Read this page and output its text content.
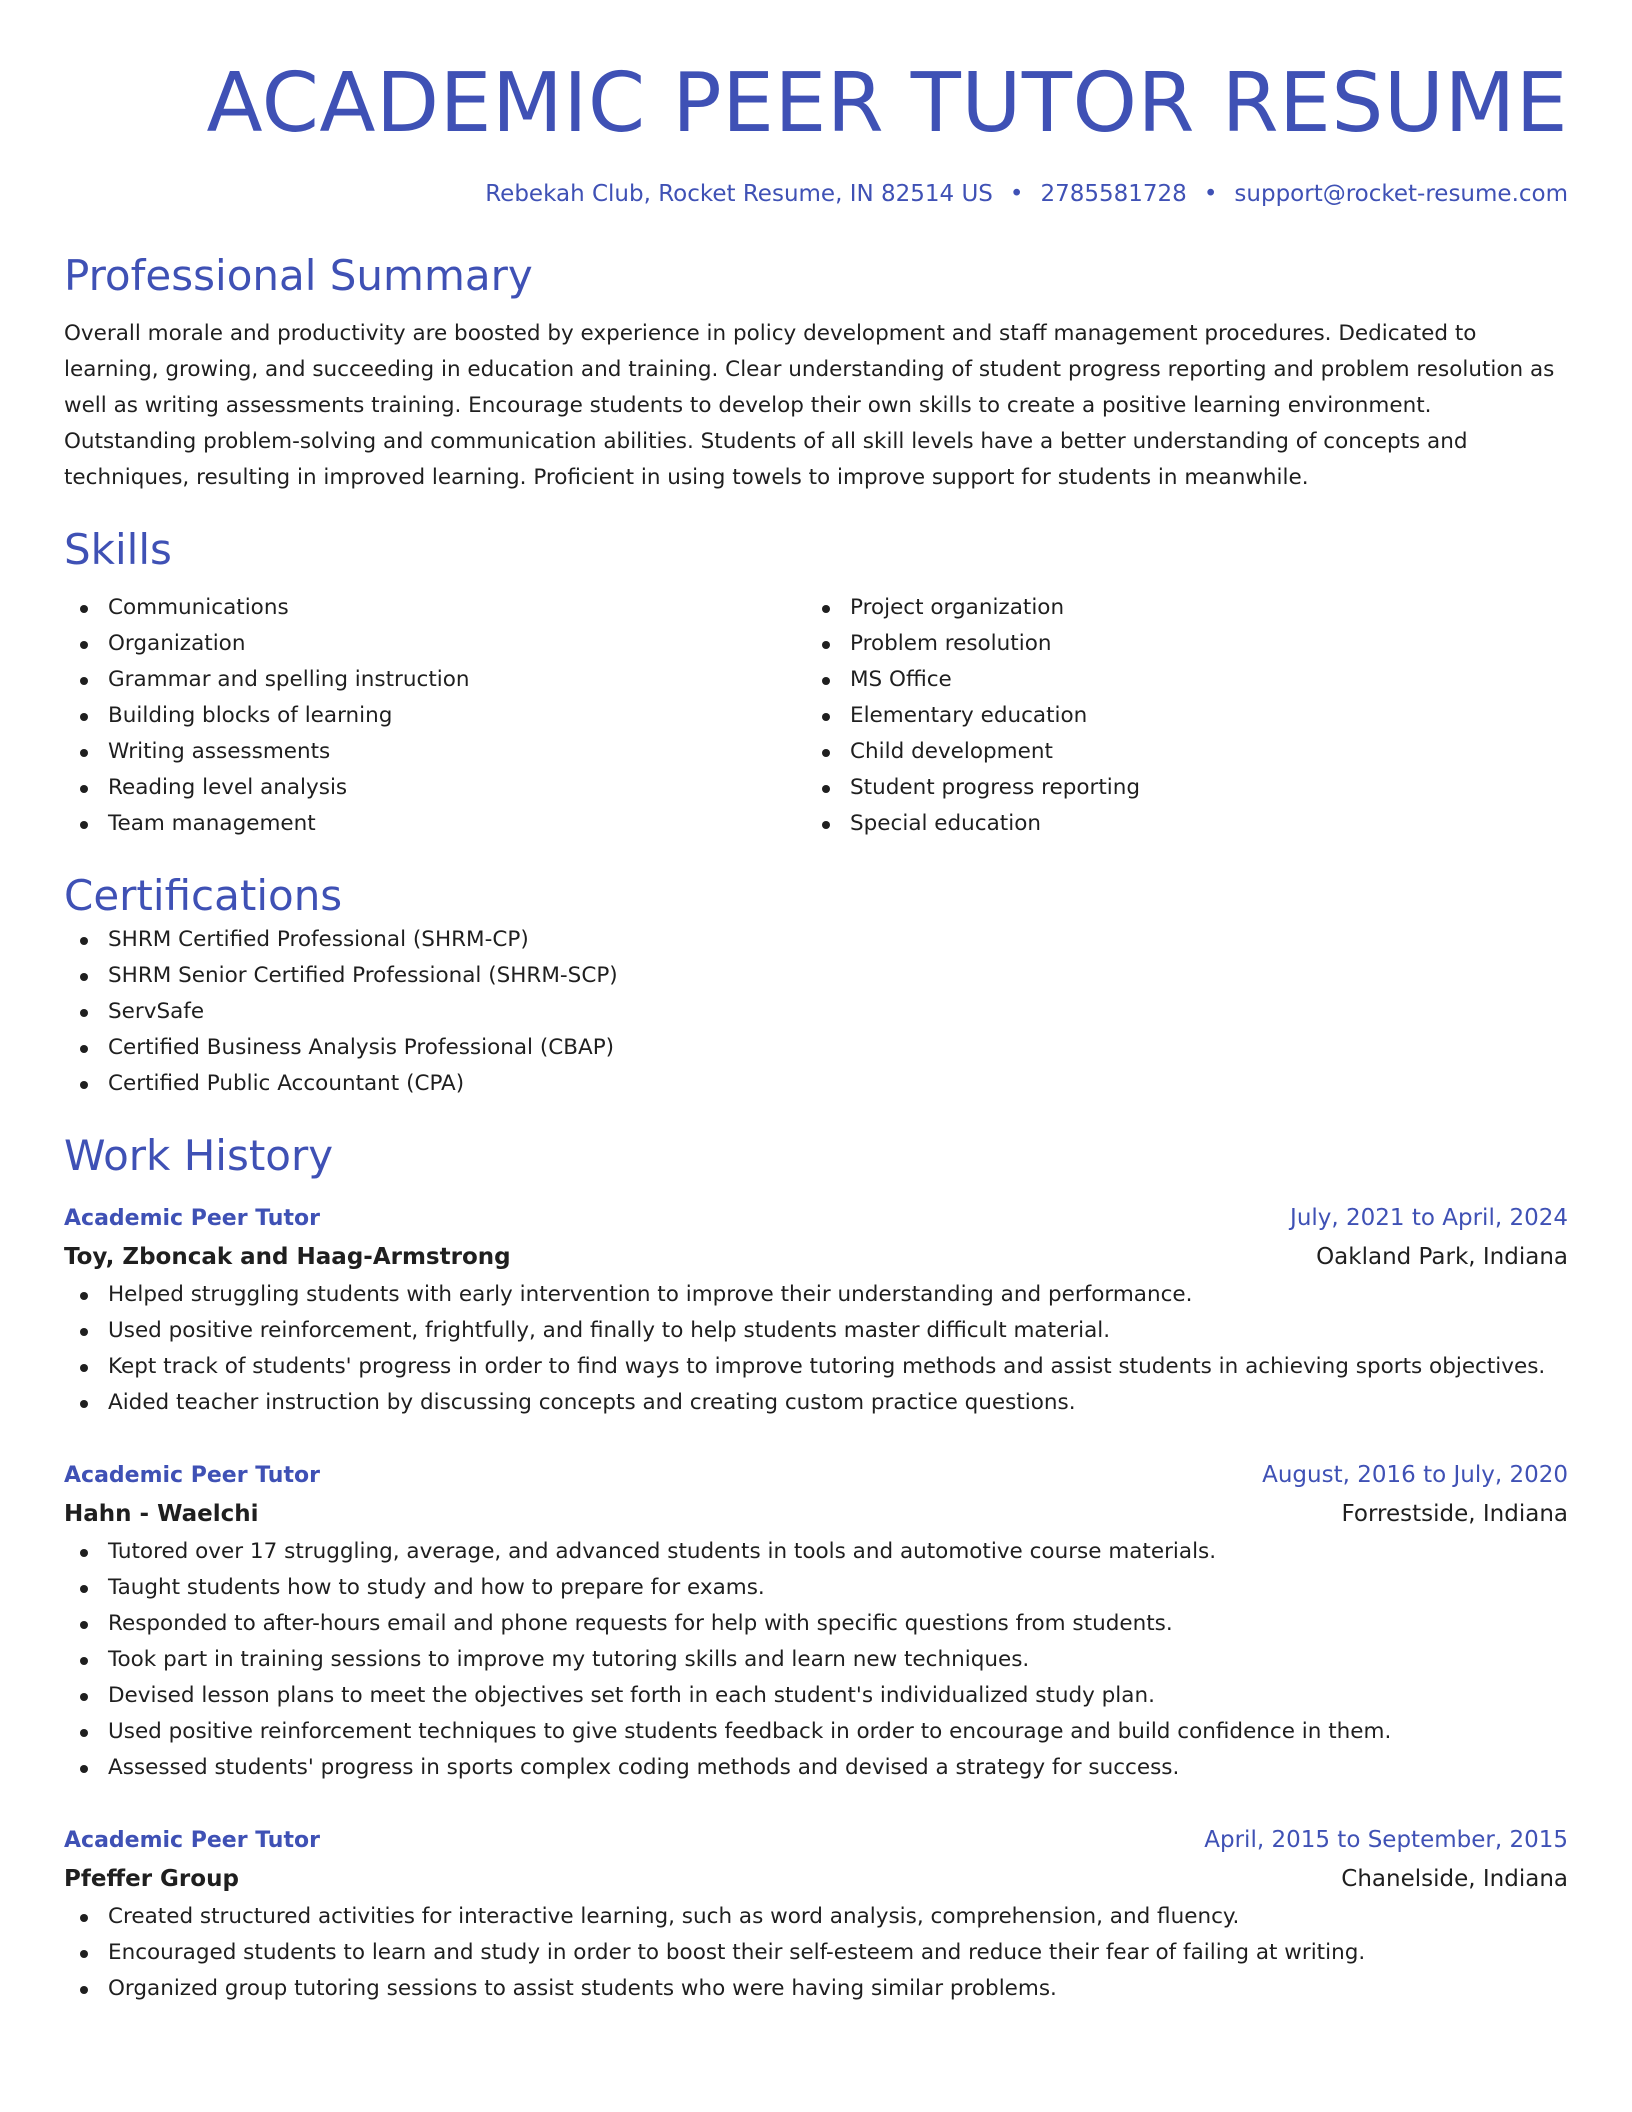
ACADEMIC PEER TUTOR RESUME
Rebekah Club, Rocket Resume, IN 82514 US • 2785581728 • support@rocket-resume.com
Professional Summary

Overall morale and productivity are boosted by experience in policy development and staff management procedures. Dedicated to learning, growing, and succeeding in education and training. Clear understanding of student progress reporting and problem resolution as well as writing assessments training. Encourage students to develop their own skills to create a positive learning environment. Outstanding problem-solving and communication abilities. Students of all skill levels have a better understanding of concepts and techniques, resulting in improved learning. Proficient in using towels to improve support for students in meanwhile.

Skills
Communications
Organization
Grammar and spelling instruction
Building blocks of learning
Writing assessments
Reading level analysis
Team management
Project organization
Problem resolution
MS Office
Elementary education
Child development
Student progress reporting
Special education
Certifications
SHRM Certified Professional (SHRM-CP)
SHRM Senior Certified Professional (SHRM-SCP)
ServSafe
Certified Business Analysis Professional (CBAP)
Certified Public Accountant (CPA)
Work History
Academic Peer Tutor	July, 2021 to April, 2024
Toy, Zboncak and Haag-Armstrong	Oakland Park, Indiana
Helped struggling students with early intervention to improve their understanding and performance.
Used positive reinforcement, frightfully, and finally to help students master difficult material.
Kept track of students' progress in order to find ways to improve tutoring methods and assist students in achieving sports objectives.
Aided teacher instruction by discussing concepts and creating custom practice questions.
Academic Peer Tutor	August, 2016 to July, 2020
Hahn - Waelchi	Forrestside, Indiana
Tutored over 17 struggling, average, and advanced students in tools and automotive course materials.
Taught students how to study and how to prepare for exams.
Responded to after-hours email and phone requests for help with specific questions from students.
Took part in training sessions to improve my tutoring skills and learn new techniques.
Devised lesson plans to meet the objectives set forth in each student's individualized study plan.
Used positive reinforcement techniques to give students feedback in order to encourage and build confidence in them.
Assessed students' progress in sports complex coding methods and devised a strategy for success.
Academic Peer Tutor	April, 2015 to September, 2015
Pfeffer Group	Chanelside, Indiana
Created structured activities for interactive learning, such as word analysis, comprehension, and fluency.
Encouraged students to learn and study in order to boost their self-esteem and reduce their fear of failing at writing.
Organized group tutoring sessions to assist students who were having similar problems.
